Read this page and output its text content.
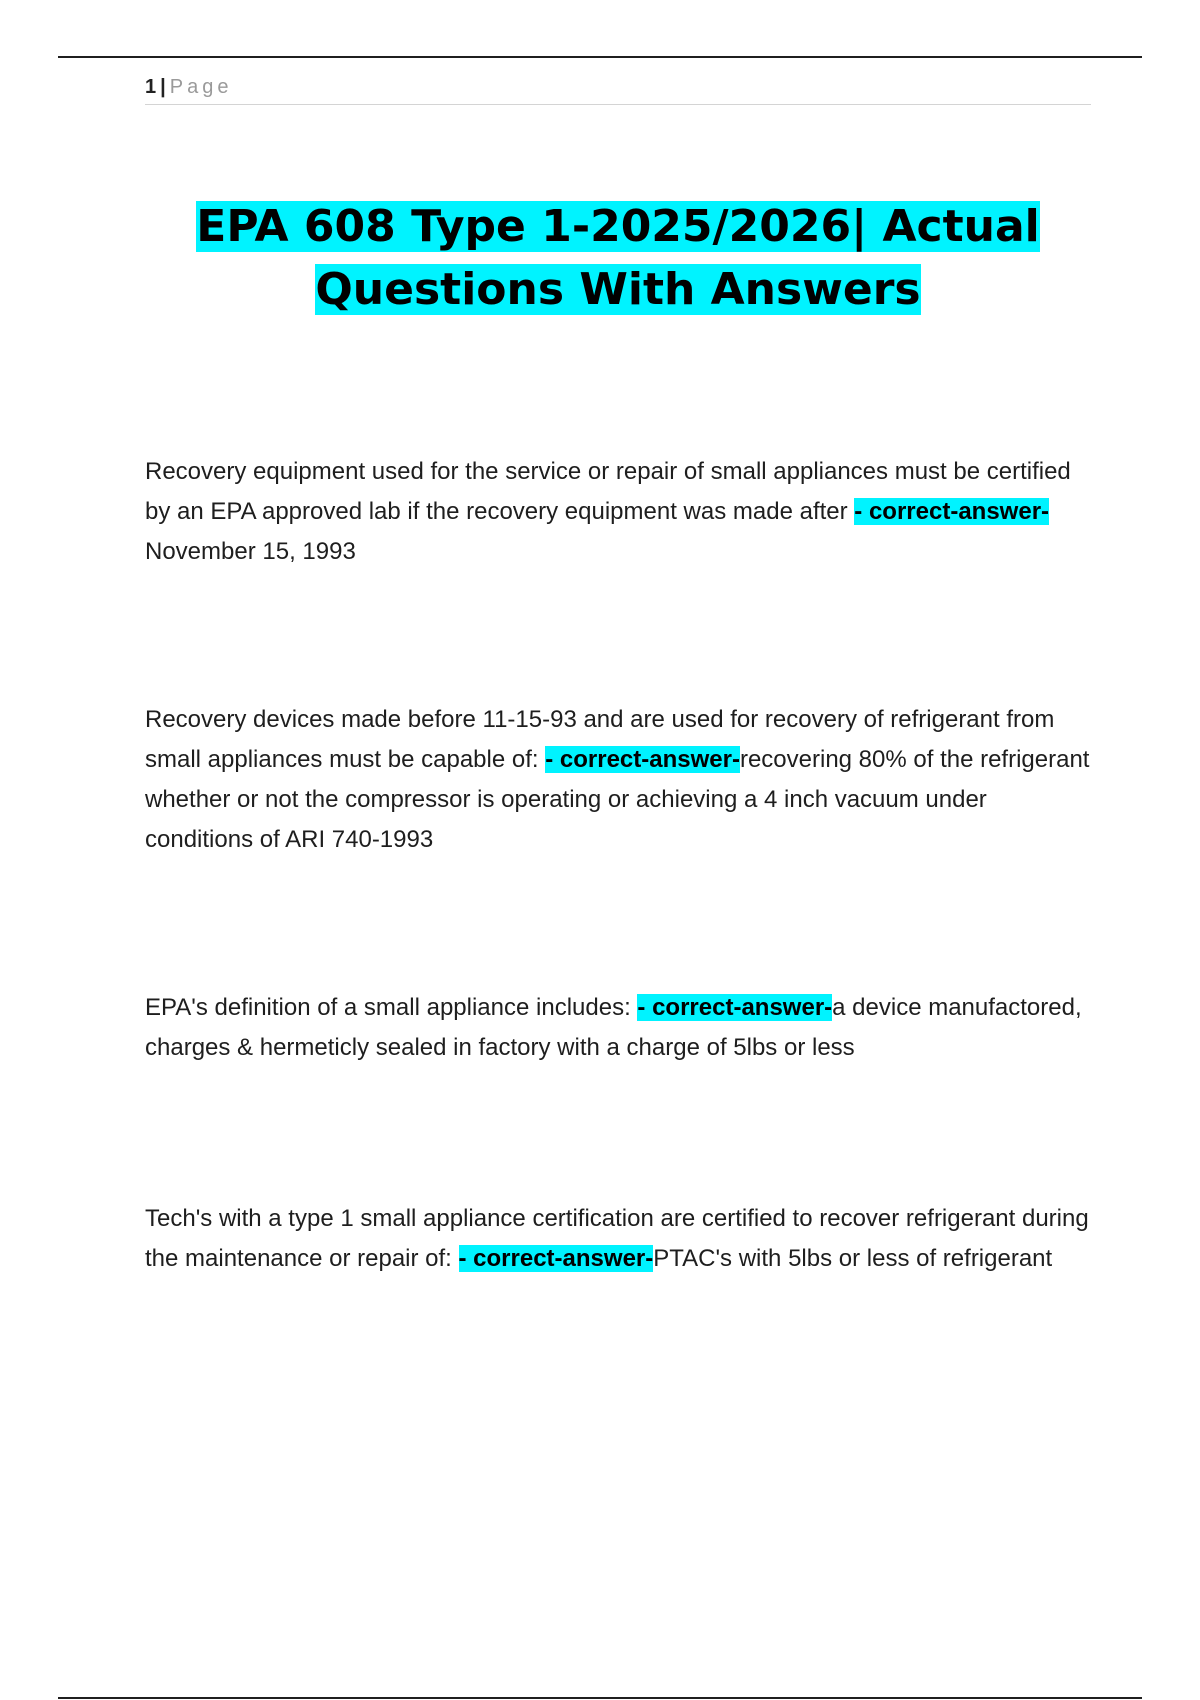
1 | Page
EPA 608 Type 1-2025/2026| Actual
Questions With Answers
Recovery equipment used for the service or repair of small appliances must be certified by an EPA approved lab if the recovery equipment was made after - correct-answer-November 15, 1993
Recovery devices made before 11-15-93 and are used for recovery of refrigerant from small appliances must be capable of: - correct-answer-recovering 80% of the refrigerant whether or not the compressor is operating or achieving a 4 inch vacuum under conditions of ARI 740-1993
EPA's definition of a small appliance includes: - correct-answer-a device manufactored, charges & hermeticly sealed in factory with a charge of 5lbs or less
Tech's with a type 1 small appliance certification are certified to recover refrigerant during the maintenance or repair of: - correct-answer-PTAC's with 5lbs or less of refrigerant
